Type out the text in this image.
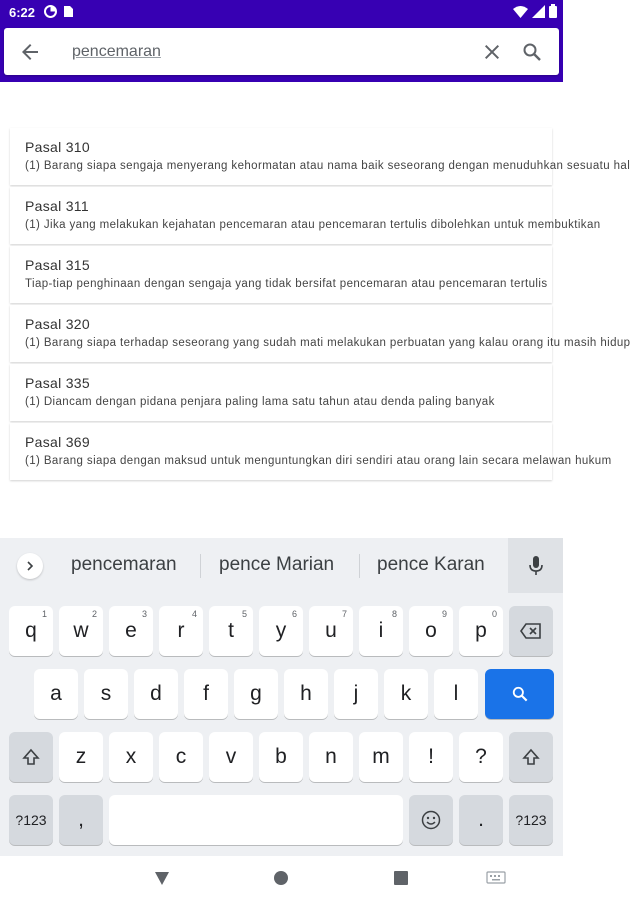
6:22
pencemaran
Pasal 310
(1) Barang siapa sengaja menyerang kehormatan atau nama baik seseorang dengan menuduhkan sesuatu hal
Pasal 311
(1) Jika yang melakukan kejahatan pencemaran atau pencemaran tertulis dibolehkan untuk membuktikan
Pasal 315
Tiap-tiap penghinaan dengan sengaja yang tidak bersifat pencemaran atau pencemaran tertulis
Pasal 320
(1) Barang siapa terhadap seseorang yang sudah mati melakukan perbuatan yang kalau orang itu masih hidup
Pasal 335
(1) Diancam dengan pidana penjara paling lama satu tahun atau denda paling banyak
Pasal 369
(1) Barang siapa dengan maksud untuk menguntungkan diri sendiri atau orang lain secara melawan hukum
pencemaran pence Marian pence Karan
q
1
w
2
e
3
r
4
t
5
y
6
u
7
i
8
o
9
p
0
a s d f g h j k l
z x c v b n m ! ?
?123 ,	. ?123
